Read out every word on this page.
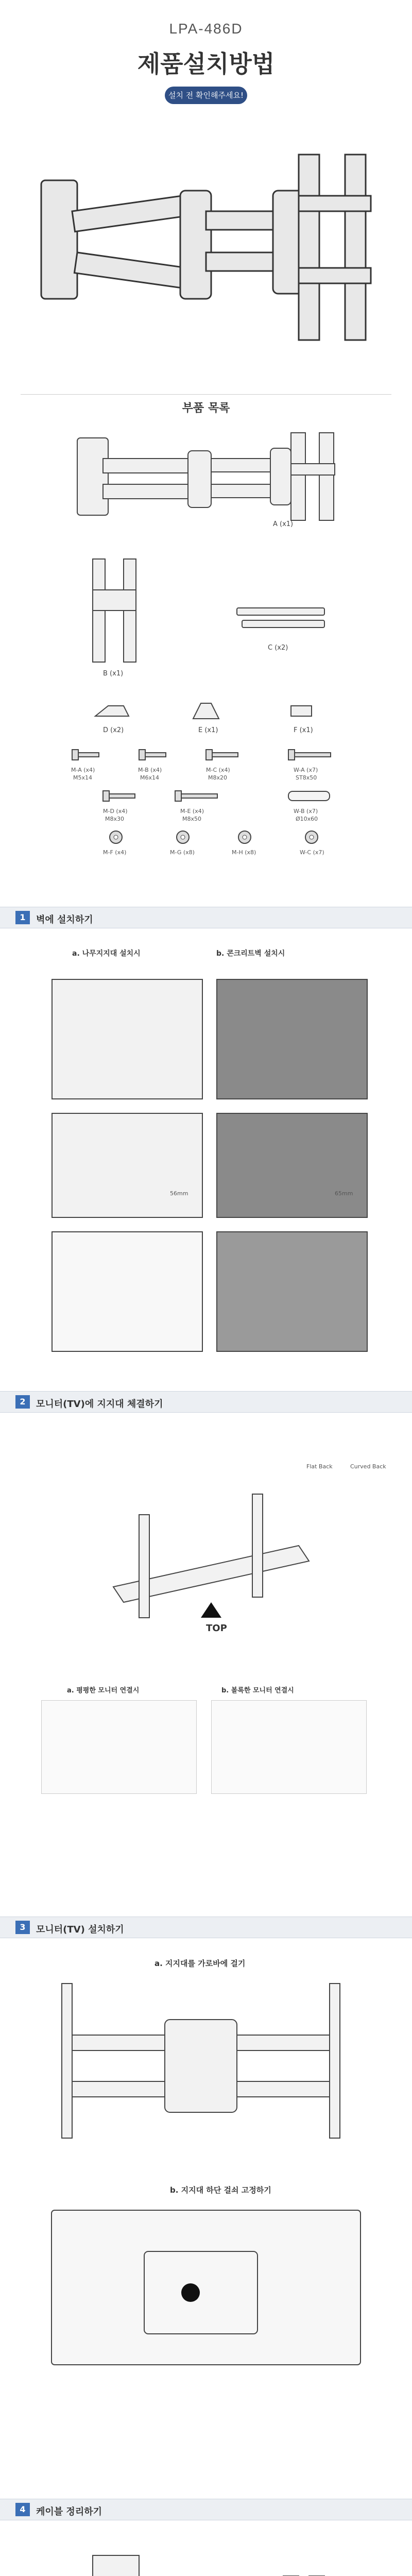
LPA-486D
제품설치방법
설치 전 확인해주세요!
부품 목록
A (x1)
B (x1)
C (x2)
D (x2)	E (x1)	F (x1)
M-A (x4)
M5x14
M-B (x4)
M6x14
M-C (x4)
M8x20
W-A (x7)
ST8x50
M-D (x4)
M8x30
M-E (x4)
M8x50
W-B (x7)
Ø10x60
M-F (x4)	M-G (x8)	M-H (x8)	W-C (x7)
1	벽에 설치하기
a. 나무지지대 설치시	b. 콘크리트벽 설치시
56mm	65mm
2	모니터(TV)에 지지대 체결하기
Flat Back	Curved Back
TOP
a. 평평한 모니터 연결시	b. 볼록한 모니터 연결시
3	모니터(TV) 설치하기
a. 지지대를 가로바에 걸기
b. 지지대 하단 걸쇠 고정하기
4	케이블 정리하기
